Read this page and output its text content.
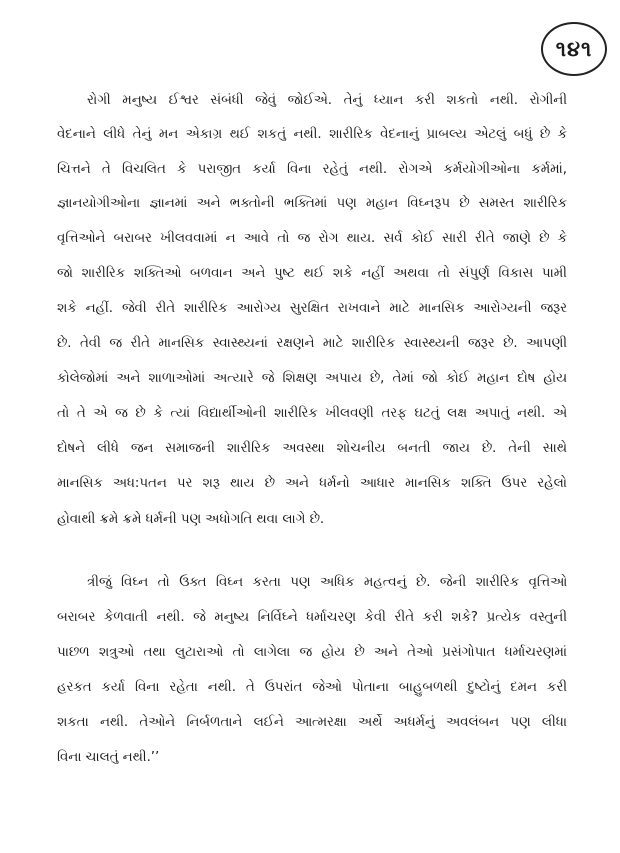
૧૪૧
રોગી મનુષ્ય ઈશ્વર સંબંધી જેવું જોઈએ. તેનું ધ્યાન કરી શકતો નથી. રોગીની
વેદનાને લીધે તેનું મન એકાગ્ર થઈ શકતું નથી. શારીરિક વેદનાનું પ્રાબલ્ય એટલું બધું છે કે
ચિત્તને તે વિચલિત કે પરાજીત કર્યા વિના રહેતું નથી. રોગએ કર્મયોગીઓના કર્મમાં,
જ્ઞાનયોગીઓના જ્ઞાનમાં અને ભક્તોની ભક્તિમાં પણ મહાન વિઘ્નરૂપ છે સમસ્ત શારીરિક
વૃત્તિઓને બરાબર ખીલવવામાં ન આવે તો જ રોગ થાય. સર્વ કોઈ સારી રીતે જાણે છે કે
જો શારીરિક શક્તિઓ બળવાન અને પુષ્ટ થઈ શકે નહીં અથવા તો સંપુર્ણ વિકાસ પામી
શકે નહીં. જેવી રીતે શારીરિક આરોગ્ય સુરક્ષિત રાખવાને માટે માનસિક આરોગ્યની જરૂર
છે. તેવી જ રીતે માનસિક સ્વાસ્થ્યનાં રક્ષણને માટે શારીરિક સ્વાસ્થ્યની જરૂર છે. આપણી
કોલેજોમાં અને શાળાઓમાં અત્યારે જે શિક્ષણ અપાય છે, તેમાં જો કોઈ મહાન દોષ હોય
તો તે એ જ છે કે ત્યાં વિદ્યાર્થીઓની શારીરિક ખીલવણી તરફ ઘટતું લક્ષ અપાતું નથી. એ
દોષને લીધે જન સમાજની શારીરિક અવસ્થા શોચનીય બનતી જાય છે. તેની સાથે
માનસિક અધ:પતન પર શરૂ થાય છે અને ધર્મનો આધાર માનસિક શક્તિ ઉપર રહેલો
હોવાથી ક્રમે ક્રમે ધર્મની પણ અધોગતિ થવા લાગે છે.
ત્રીજું વિઘ્ન તો ઉક્ત વિઘ્ન કરતા પણ અધિક મહત્વનું છે. જેની શારીરિક વૃત્તિઓ
બરાબર કેળવાતી નથી. જે મનુષ્ય નિર્વિઘ્ને ધર્માચરણ કેવી રીતે કરી શકે? પ્રત્યેક વસ્તુની
પાછળ શત્રુઓ તથા લુટારાઓ તો લાગેલા જ હોય છે અને તેઓ પ્રસંગોપાત ધર્માચરણમાં
હરકત કર્યા વિના રહેતા નથી. તે ઉપરાંત જેઓ પોતાના બાહુબળથી દુષ્ટોનું દમન કરી
શકતા નથી. તેઓને નિર્બળતાને લઈને આત્મરક્ષા અર્થે અધર્મનું અવલંબન પણ લીધા
વિના ચાલતું નથી.’’
